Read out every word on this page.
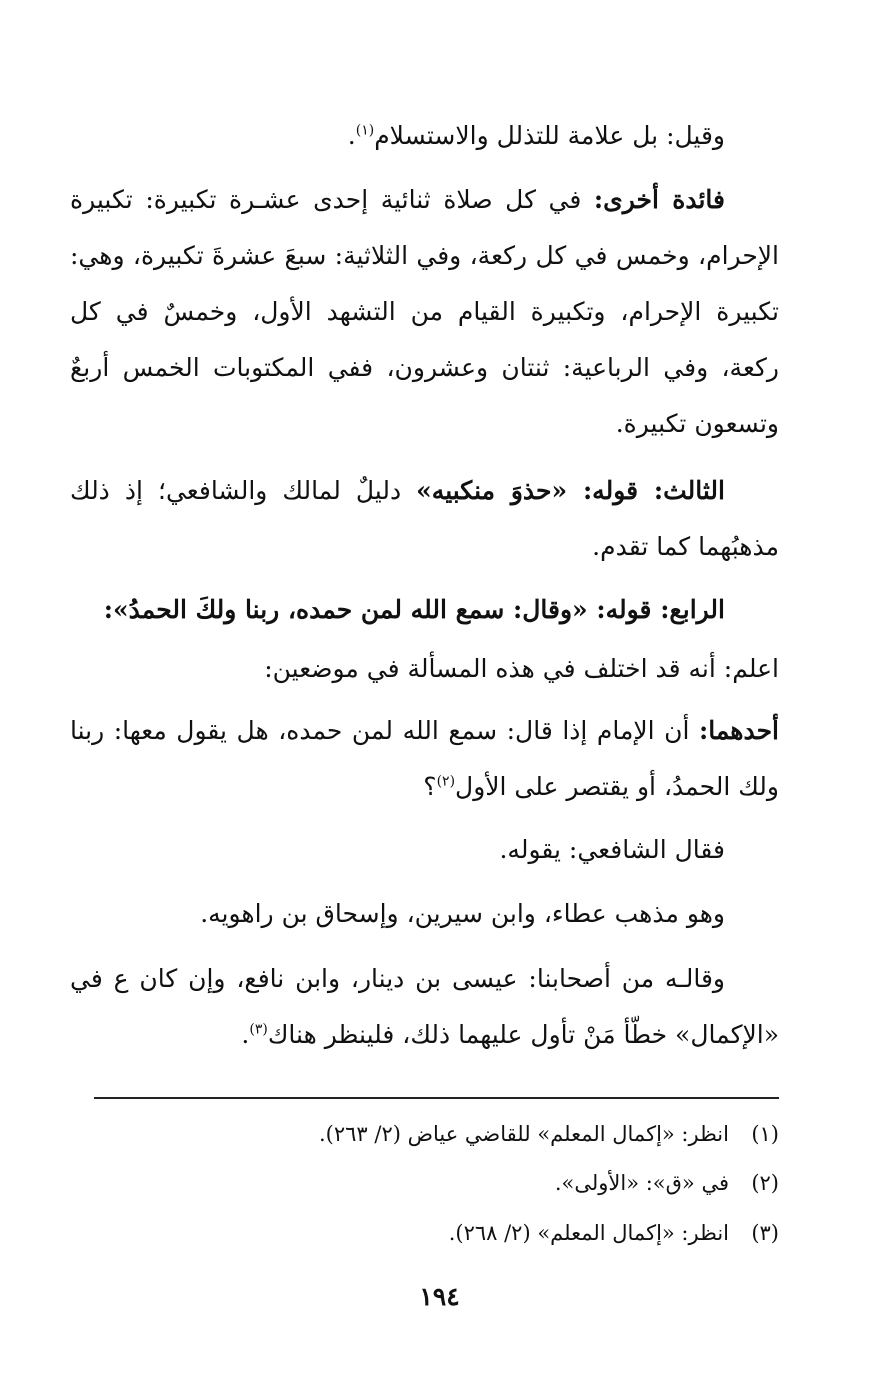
وقيل: بل علامة للتذلل والاستسلام$^{(١)}$.
فائدة أخرى: في كل صلاة ثنائية إحدى عشـرة تكبيرة: تكبيرة الإحرام، وخمس في كل ركعة، وفي الثلاثية: سبعَ عشرةَ تكبيرة، وهي: تكبيرة الإحرام، وتكبيرة القيام من التشهد الأول، وخمسٌ في كل ركعة، وفي الرباعية: ثنتان وعشرون، ففي المكتوبات الخمس أربعٌ وتسعون تكبيرة.
الثالث: قوله: «حذوَ منكبيه» دليلٌ لمالك والشافعي؛ إذ ذلك مذهبُهما كما تقدم.
الرابع: قوله: «وقال: سمع الله لمن حمده، ربنا ولكَ الحمدُ»:
اعلم: أنه قد اختلف في هذه المسألة في موضعين:
أحدهما: أن الإمام إذا قال: سمع الله لمن حمده، هل يقول معها: ربنا ولك الحمدُ، أو يقتصر على الأول$^{(٢)}$؟
فقال الشافعي: يقوله.
وهو مذهب عطاء، وابن سيرين، وإسحاق بن راهويه.
وقالـه من أصحابنا: عيسى بن دينار، وابن نافع، وإن كان ع في «الإكمال» خطّأ مَنْ تأول عليهما ذلك، فلينظر هناك$^{(٣)}$.
(١)انظر: «إكمال المعلم» للقاضي عياض (٢/ ٢٦٣).
(٢)في «ق»: «الأولى».
(٣)انظر: «إكمال المعلم» (٢/ ٢٦٨).
١٩٤
